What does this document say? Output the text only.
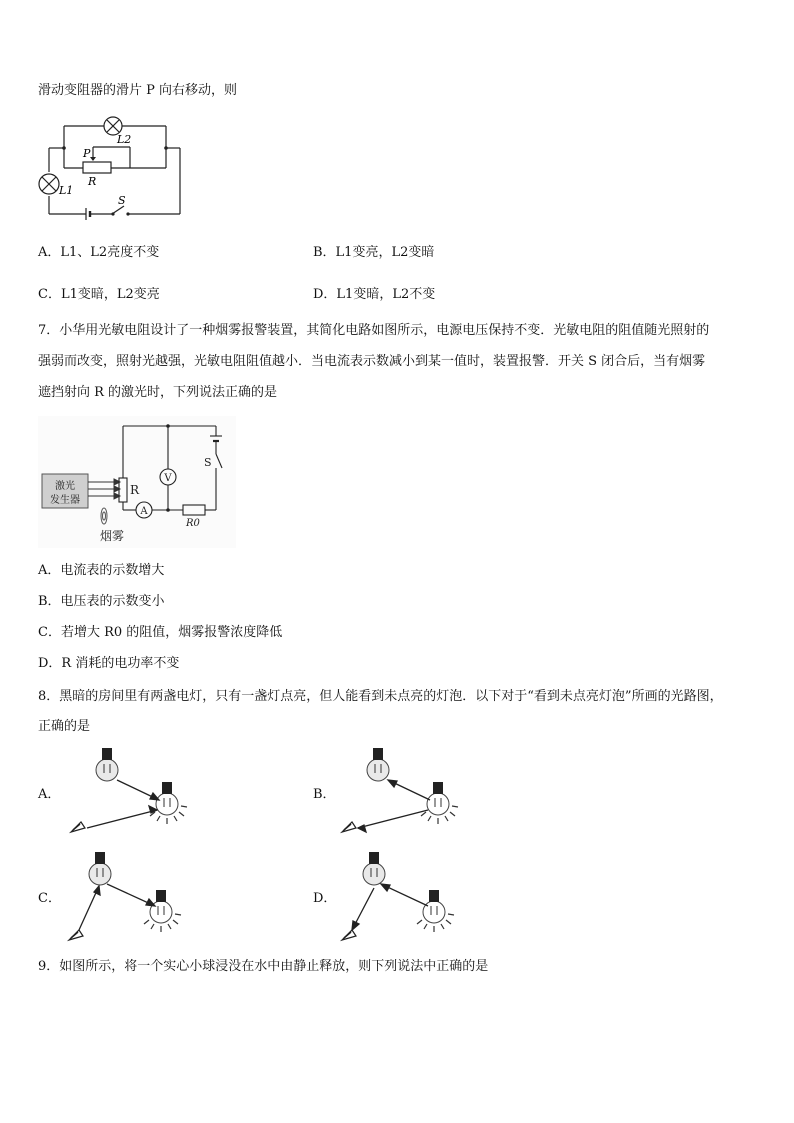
滑动变阻器的滑片 P 向右移动，则
L2
P
R
L1
S
A．L1、L2亮度不变	B．L1变亮，L2变暗
C．L1变暗，L2变亮	D．L1变暗，L2不变
7．小华用光敏电阻设计了一种烟雾报警装置，其简化电路如图所示，电源电压保持不变．光敏电阻的阻值随光照射的
强弱而改变，照射光越强，光敏电阻阻值越小．当电流表示数减小到某一值时，装置报警．开关 S 闭合后，当有烟雾
遮挡射向 R 的激光时，下列说法正确的是
激光
发生器
R
V
A
S
R0
烟雾
A．电流表的示数增大
B．电压表的示数变小
C．若增大 R0 的阻值，烟雾报警浓度降低
D．R 消耗的电功率不变
8．黑暗的房间里有两盏电灯，只有一盏灯点亮，但人能看到未点亮的灯泡．以下对于“看到未点亮灯泡”所画的光路图，
正确的是
A．	B．
C．	D．
9．如图所示，将一个实心小球浸没在水中由静止释放，则下列说法中正确的是
